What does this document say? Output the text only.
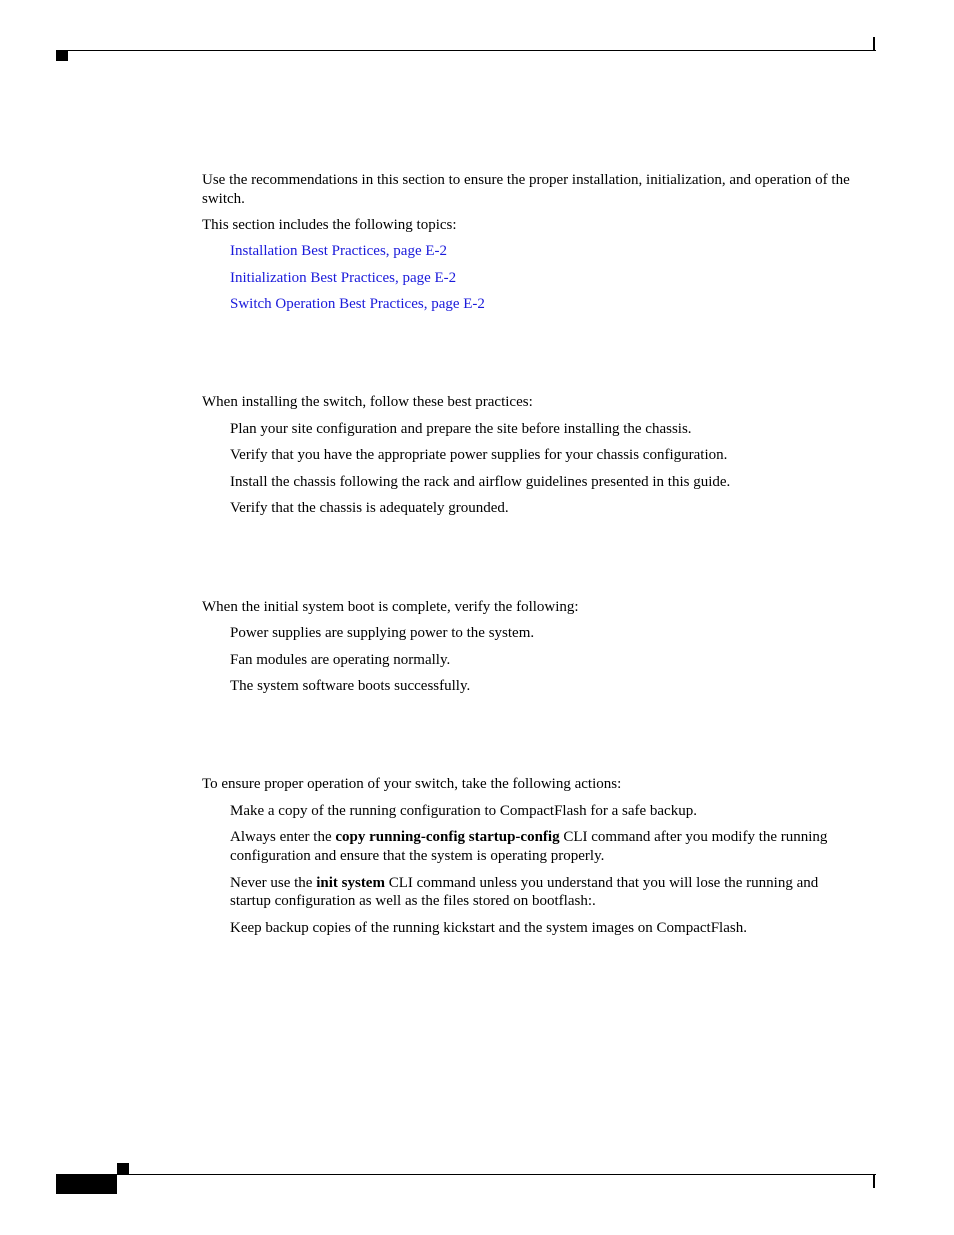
Use the recommendations in this section to ensure the proper installation, initialization, and operation of the switch.

This section includes the following topics:

Installation Best Practices, page E-2
Initialization Best Practices, page E-2
Switch Operation Best Practices, page E-2

When installing the switch, follow these best practices:

Plan your site configuration and prepare the site before installing the chassis.

Verify that you have the appropriate power supplies for your chassis configuration.

Install the chassis following the rack and airflow guidelines presented in this guide.

Verify that the chassis is adequately grounded.

When the initial system boot is complete, verify the following:

Power supplies are supplying power to the system.

Fan modules are operating normally.

The system software boots successfully.

To ensure proper operation of your switch, take the following actions:

Make a copy of the running configuration to CompactFlash for a safe backup.

Always enter the copy running-config startup-config CLI command after you modify the running

configuration and ensure that the system is operating properly.

Never use the init system CLI command unless you understand that you will lose the running and

startup configuration as well as the files stored on bootflash:.

Keep backup copies of the running kickstart and the system images on CompactFlash.
